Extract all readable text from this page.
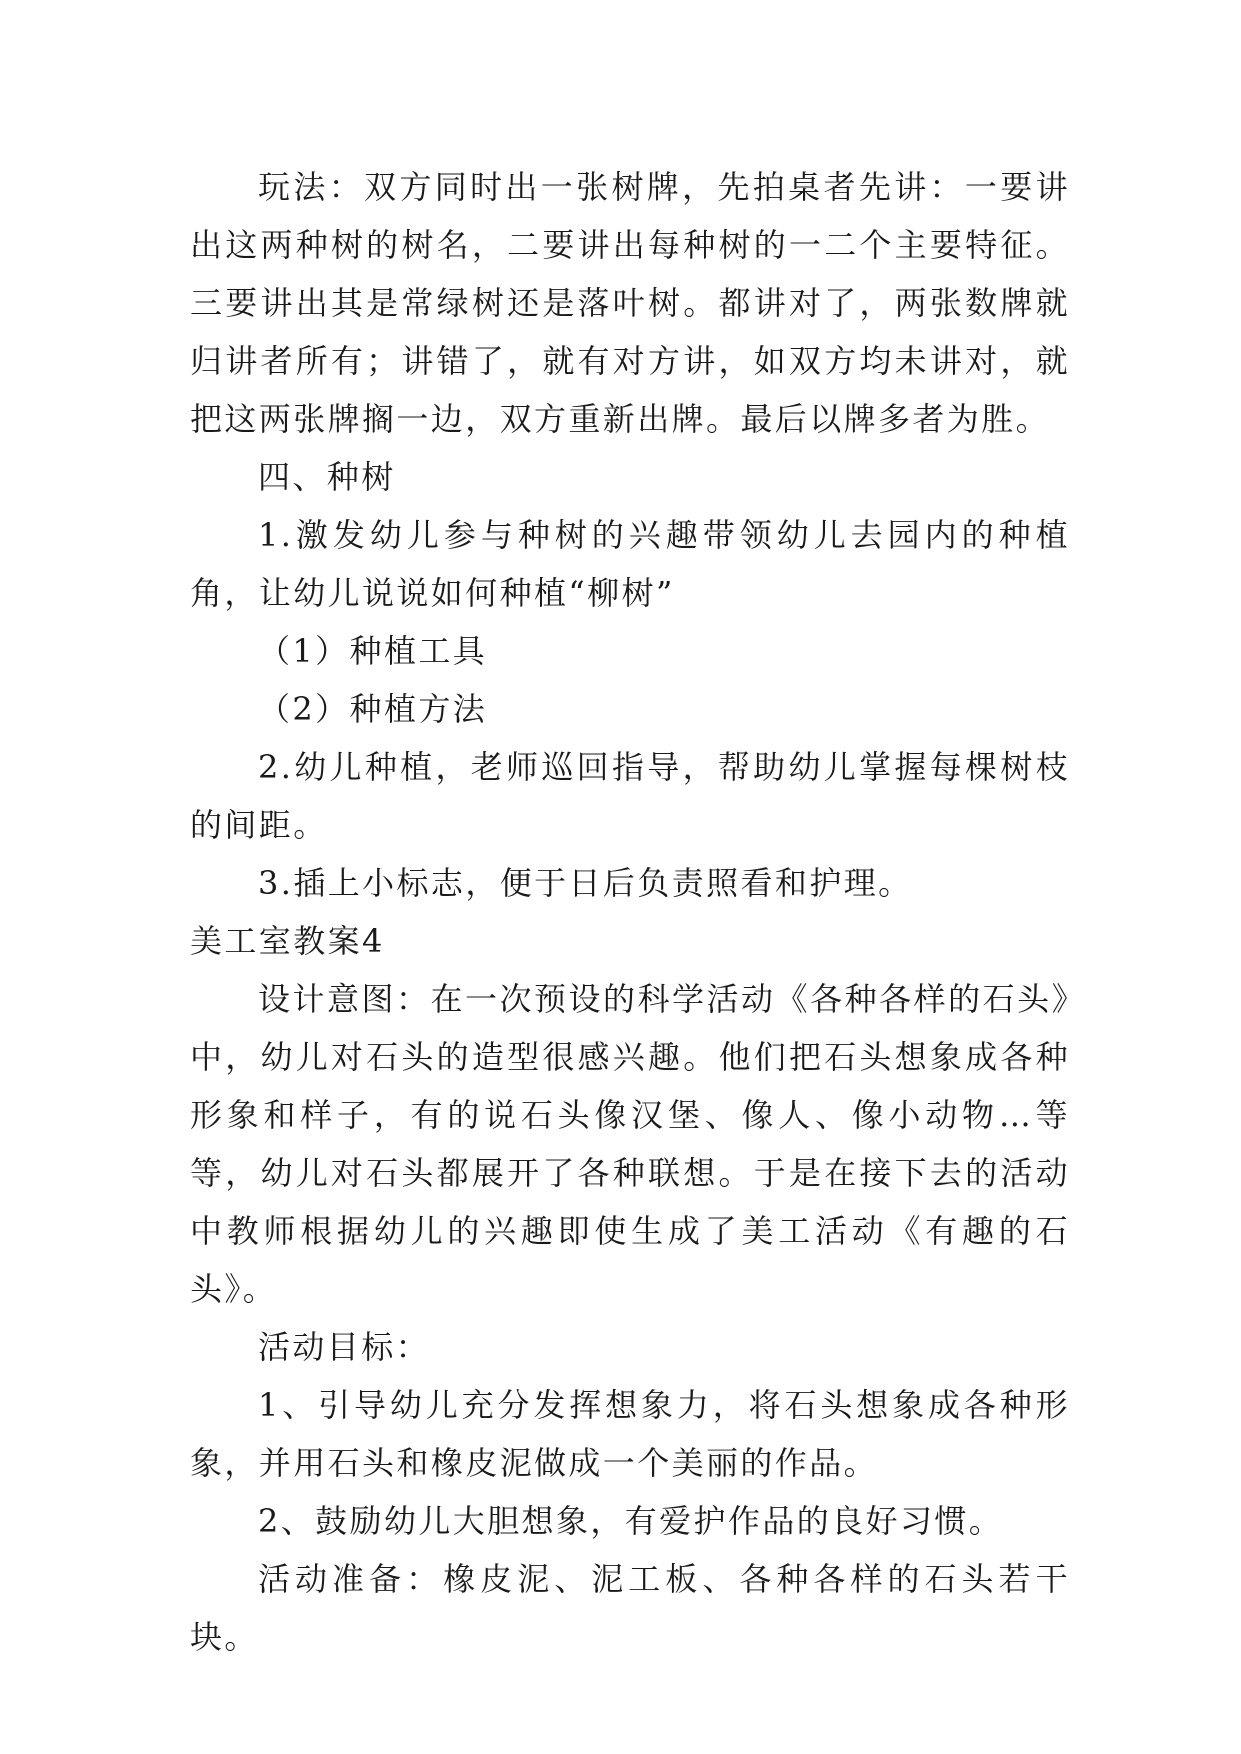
玩法：双方同时出一张树牌，先拍桌者先讲：一要讲出这两种树的树名，二要讲出每种树的一二个主要特征。三要讲出其是常绿树还是落叶树。都讲对了，两张数牌就归讲者所有；讲错了，就有对方讲，如双方均未讲对，就把这两张牌搁一边，双方重新出牌。最后以牌多者为胜。

四、种树

1.激发幼儿参与种树的兴趣带领幼儿去园内的种植角，让幼儿说说如何种植“柳树”

（1）种植工具

（2）种植方法

2.幼儿种植，老师巡回指导，帮助幼儿掌握每棵树枝的间距。

3.插上小标志，便于日后负责照看和护理。

美工室教案4

设计意图：在一次预设的科学活动《各种各样的石头》中，幼儿对石头的造型很感兴趣。他们把石头想象成各种形象和样子，有的说石头像汉堡、像人、像小动物…等等，幼儿对石头都展开了各种联想。于是在接下去的活动中教师根据幼儿的兴趣即使生成了美工活动《有趣的石头》。

活动目标：

1、引导幼儿充分发挥想象力，将石头想象成各种形象，并用石头和橡皮泥做成一个美丽的作品。

2、鼓励幼儿大胆想象，有爱护作品的良好习惯。

活动准备：橡皮泥、泥工板、各种各样的石头若干块。
